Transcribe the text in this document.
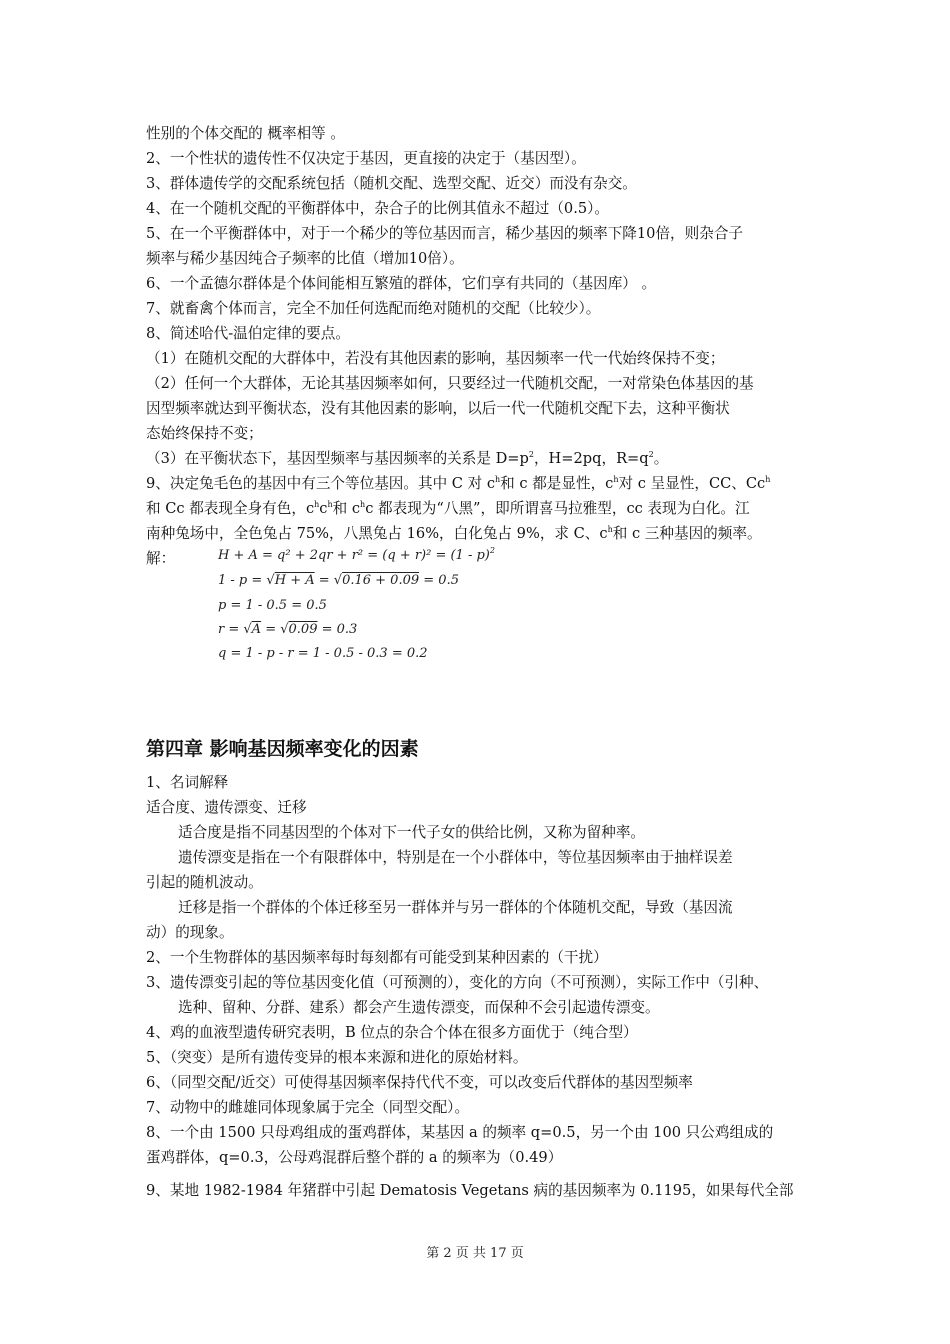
性别的个体交配的 概率相等 。
2、一个性状的遗传性不仅决定于基因，更直接的决定于（基因型）。
3、群体遗传学的交配系统包括（随机交配、选型交配、近交）而没有杂交。
4、在一个随机交配的平衡群体中，杂合子的比例其值永不超过（0.5）。
5、在一个平衡群体中，对于一个稀少的等位基因而言，稀少基因的频率下降10倍，则杂合子
频率与稀少基因纯合子频率的比值（增加10倍）。
6、一个孟德尔群体是个体间能相互繁殖的群体，它们享有共同的（基因库） 。
7、就畜禽个体而言，完全不加任何选配而绝对随机的交配（比较少）。
8、简述哈代-温伯定律的要点。
（1）在随机交配的大群体中，若没有其他因素的影响，基因频率一代一代始终保持不变；
（2）任何一个大群体，无论其基因频率如何，只要经过一代随机交配，一对常染色体基因的基
因型频率就达到平衡状态，没有其他因素的影响，以后一代一代随机交配下去，这种平衡状
态始终保持不变；
（3）在平衡状态下，基因型频率与基因频率的关系是 $D=p^2$，H=2pq，$R=q^2$。
9、决定兔毛色的基因中有三个等位基因。其中 C 对 $c^h$和 c 都是显性，$c^h$对 c 呈显性，CC、Cc$^h$
和 Cc 都表现全身有色，$c^hc^h$和 $c^hc$ 都表现为“八黑”，即所谓喜马拉雅型，cc 表现为白化。江
南种兔场中，全色兔占 75%，八黑兔占 16%，白化兔占 9%，求 C、$c^h$和 c 三种基因的频率。
解：	H + A = q² + 2qr + r² = (q + r)² = (1 - p)$^2$
1 - p = √H + A = √0.16 + 0.09 = 0.5
p = 1 - 0.5 = 0.5
r = √A = √0.09 = 0.3
q = 1 - p - r = 1 - 0.5 - 0.3 = 0.2
第四章 影响基因频率变化的因素
1、名词解释
适合度、遗传漂变、迁移
适合度是指不同基因型的个体对下一代子女的供给比例，又称为留种率。
遗传漂变是指在一个有限群体中，特别是在一个小群体中，等位基因频率由于抽样误差
引起的随机波动。
迁移是指一个群体的个体迁移至另一群体并与另一群体的个体随机交配，导致（基因流
动）的现象。
2、一个生物群体的基因频率每时每刻都有可能受到某种因素的（干扰）
3、遗传漂变引起的等位基因变化值（可预测的），变化的方向（不可预测），实际工作中（引种、
选种、留种、分群、建系）都会产生遗传漂变，而保种不会引起遗传漂变。
4、鸡的血液型遗传研究表明，B 位点的杂合个体在很多方面优于（纯合型）
5、（突变）是所有遗传变异的根本来源和进化的原始材料。
6、（同型交配/近交）可使得基因频率保持代代不变，可以改变后代群体的基因型频率
7、动物中的雌雄同体现象属于完全（同型交配）。
8、一个由 1500 只母鸡组成的蛋鸡群体，某基因 a 的频率 q=0.5，另一个由 100 只公鸡组成的
蛋鸡群体，q=0.3，公母鸡混群后整个群的 a 的频率为（0.49）
9、某地 1982-1984 年猪群中引起 Dematosis Vegetans 病的基因频率为 0.1195，如果每代全部
第 2 页 共 17 页
